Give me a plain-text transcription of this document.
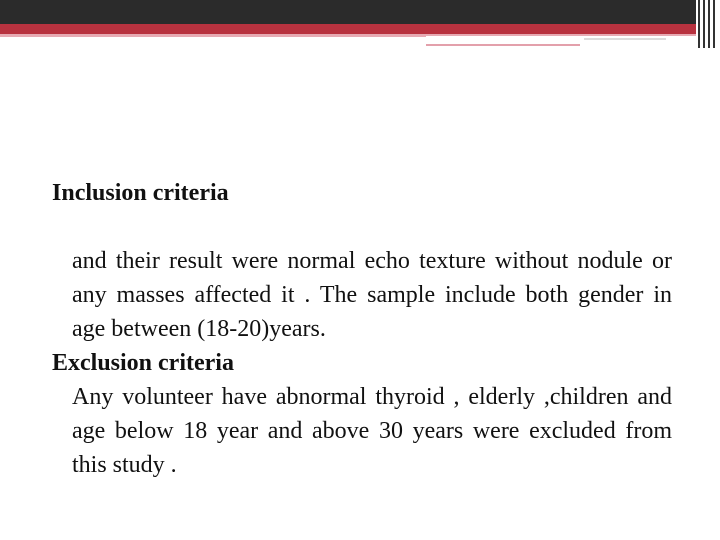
Inclusion criteria

and their result were normal echo texture without nodule or any masses affected it . The sample include both gender in age between (18-20)years.

Exclusion criteria

Any volunteer have abnormal thyroid , elderly ,children and age below 18 year and above 30 years were excluded from this study .
